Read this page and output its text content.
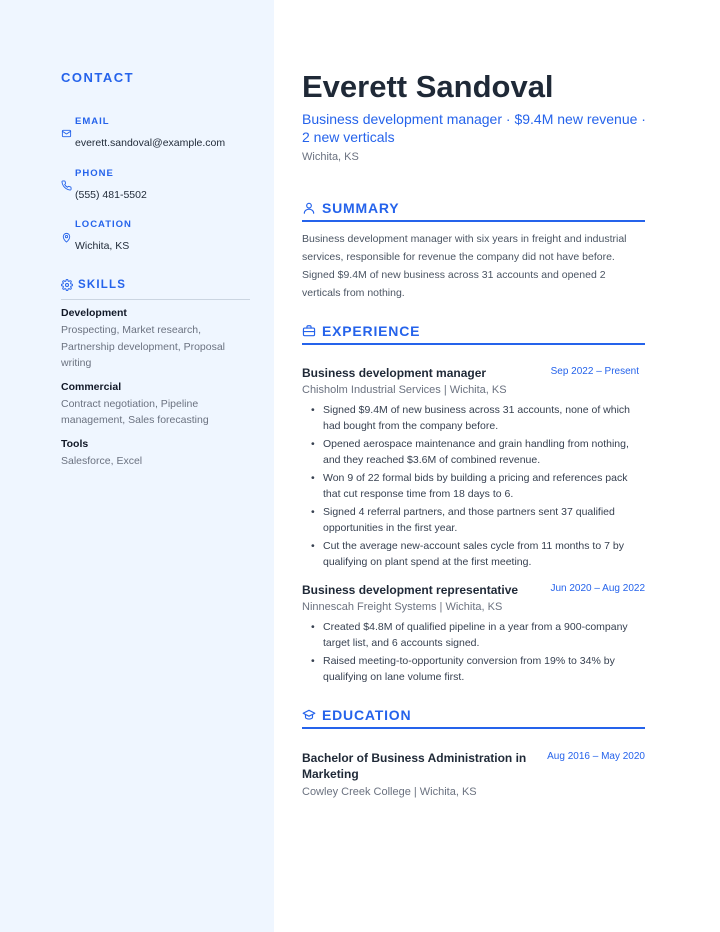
CONTACT
EMAIL
everett.sandoval@example.com
PHONE
(555) 481-5502
LOCATION
Wichita, KS
SKILLS
Development
Prospecting, Market research, Partnership development, Proposal writing
Commercial
Contract negotiation, Pipeline management, Sales forecasting
Tools
Salesforce, Excel
Everett Sandoval

Business development manager · $9.4M new revenue · 2 new verticals

Wichita, KS
SUMMARY
Business development manager with six years in freight and industrial services, responsible for revenue the company did not have before. Signed $9.4M of new business across 31 accounts and opened 2 verticals from nothing.
EXPERIENCE
Business development manager	Sep 2022 – Present
Chisholm Industrial Services | Wichita, KS
• Signed $9.4M of new business across 31 accounts, none of which had bought from the company before.
• Opened aerospace maintenance and grain handling from nothing, and they reached $3.6M of combined revenue.
• Won 9 of 22 formal bids by building a pricing and references pack that cut response time from 18 days to 6.
• Signed 4 referral partners, and those partners sent 37 qualified opportunities in the first year.
• Cut the average new-account sales cycle from 11 months to 7 by qualifying on plant spend at the first meeting.
Business development representative	Jun 2020 – Aug 2022
Ninnescah Freight Systems | Wichita, KS
• Created $4.8M of qualified pipeline in a year from a 900-company target list, and 6 accounts signed.
• Raised meeting-to-opportunity conversion from 19% to 34% by qualifying on lane volume first.
EDUCATION
Bachelor of Business Administration in Marketing
Aug 2016 – May 2020
Cowley Creek College | Wichita, KS
